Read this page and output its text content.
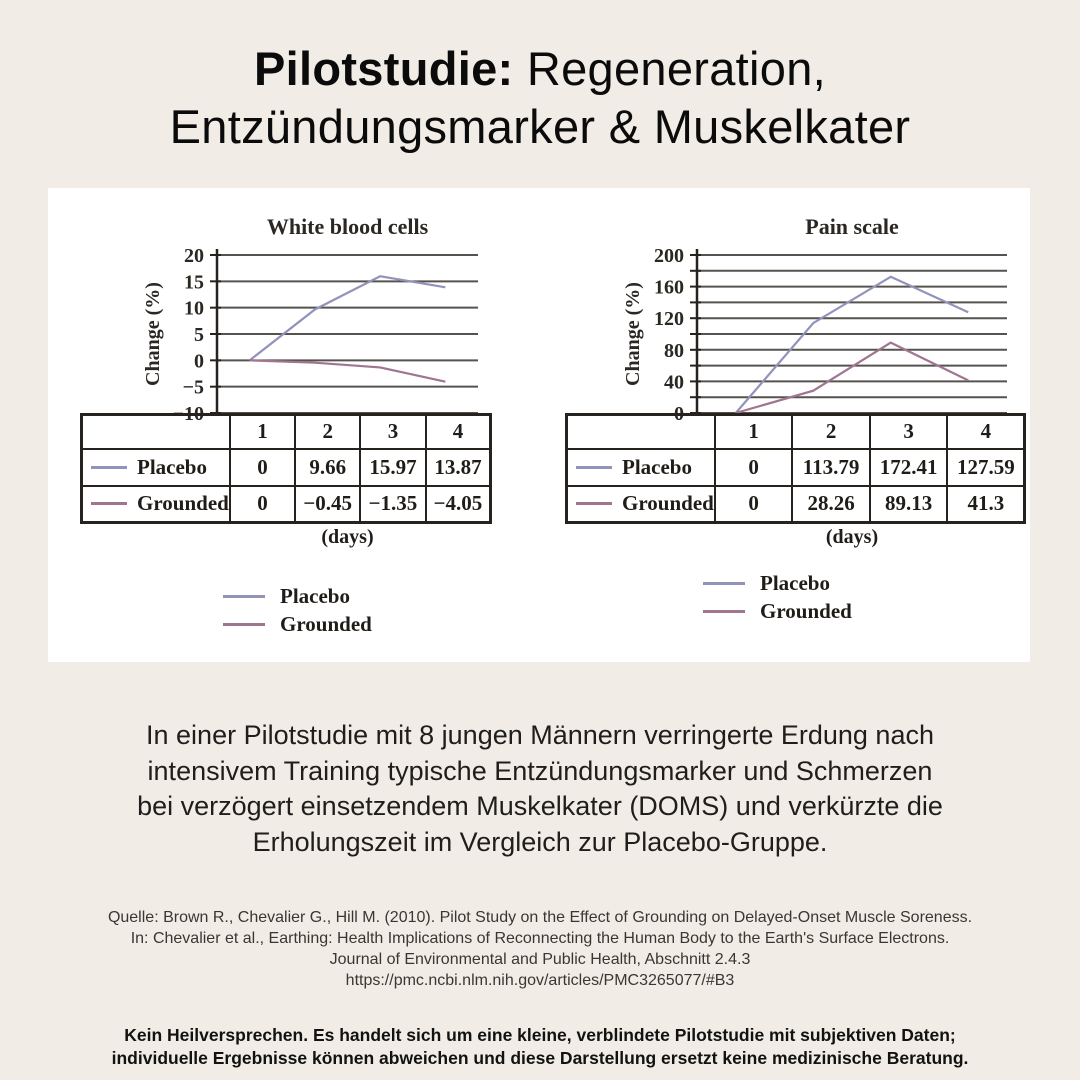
Pilotstudie: Regeneration,
Entzündungsmarker & Muskelkater
White blood cells
Change (%)
−10
−5
0
5
10
15
20
	1	2	3	4

Placebo	0	9.66	15.97	13.87

Grounded	0	−0.45	−1.35	−4.05
(days)
Placebo
Grounded
Pain scale
Change (%)
0
40
80
120
160
200
	1	2	3	4

Placebo	0	113.79	172.41	127.59

Grounded	0	28.26	89.13	41.3
(days)
Placebo
Grounded

In einer Pilotstudie mit 8 jungen Männern verringerte Erdung nach
intensivem Training typische Entzündungsmarker und Schmerzen
bei verzögert einsetzendem Muskelkater (DOMS) und verkürzte die
Erholungszeit im Vergleich zur Placebo-Gruppe.

Quelle: Brown R., Chevalier G., Hill M. (2010). Pilot Study on the Effect of Grounding on Delayed-Onset Muscle Soreness.
In: Chevalier et al., Earthing: Health Implications of Reconnecting the Human Body to the Earth's Surface Electrons.
Journal of Environmental and Public Health, Abschnitt 2.4.3
https://pmc.ncbi.nlm.nih.gov/articles/PMC3265077/#B3

Kein Heilversprechen. Es handelt sich um eine kleine, verblindete Pilotstudie mit subjektiven Daten;
individuelle Ergebnisse können abweichen und diese Darstellung ersetzt keine medizinische Beratung.
